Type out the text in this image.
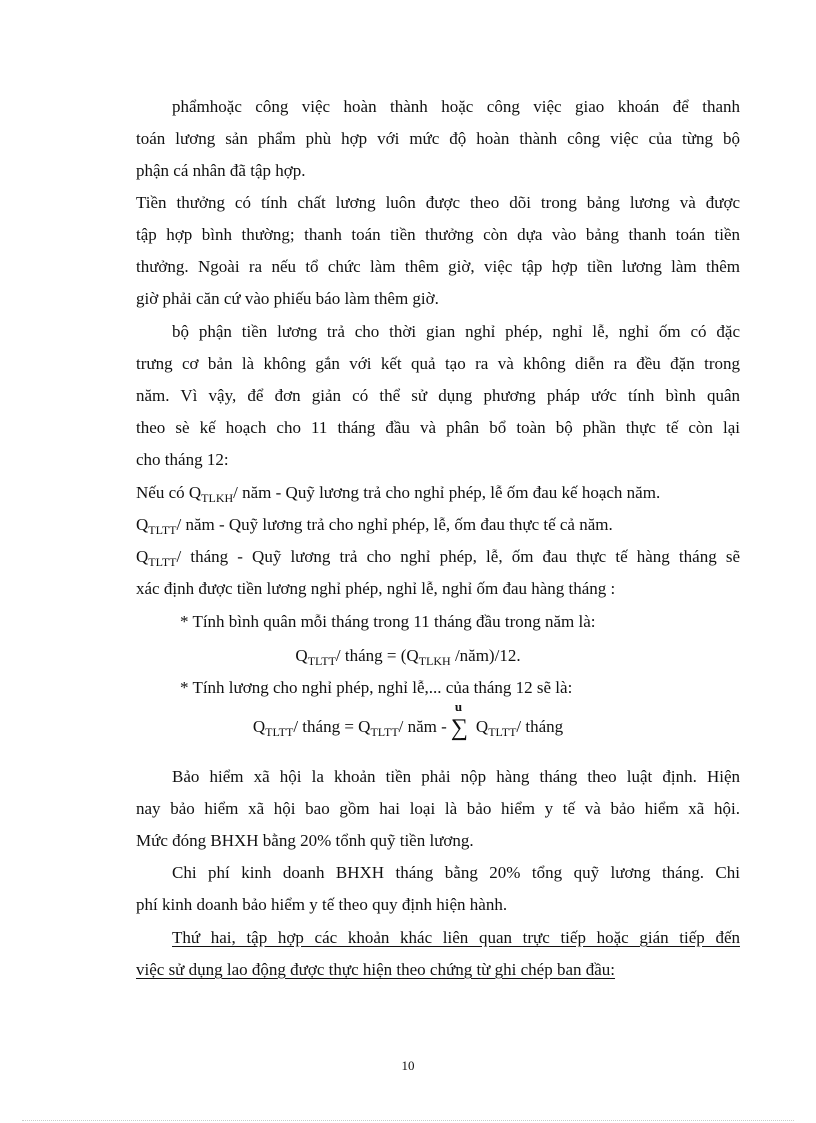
phẩmhoặc công việc hoàn thành hoặc công việc giao khoán để thanh
toán lương sản phẩm phù hợp với mức độ hoàn thành công việc của từng bộ
phận cá nhân đã tập hợp.
Tiền thưởng có tính chất lương luôn được theo dõi trong bảng lương và được
tập hợp bình thường; thanh toán tiền thưởng còn dựa vào bảng thanh toán tiền
thưởng. Ngoài ra nếu tổ chức làm thêm giờ, việc tập hợp tiền lương làm thêm
giờ phải căn cứ vào phiếu báo làm thêm giờ.
bộ phận tiền lương trả cho thời gian nghỉ phép, nghỉ lễ, nghỉ ốm có đặc
trưng cơ bản là không gắn với kết quả tạo ra và không diễn ra đều đặn trong
năm. Vì vậy, để đơn giản có thể sử dụng phương pháp ước tính bình quân
theo sè kế hoạch cho 11 tháng đầu và phân bổ toàn bộ phần thực tế còn lại
cho tháng 12:
Nếu có $Q_{TLKH}/$ năm - Quỹ lương trả cho nghỉ phép, lễ ốm đau kế hoạch năm.
$Q_{TLTT}/$ năm - Quỹ lương trả cho nghỉ phép, lễ, ốm đau thực tế cả năm.
$Q_{TLTT}/$ tháng - Quỹ lương trả cho nghỉ phép, lễ, ốm đau thực tế hàng tháng sẽ
xác định được tiền lương nghỉ phép, nghỉ lễ, nghỉ ốm đau hàng tháng :
* Tính bình quân mỗi tháng trong 11 tháng đầu trong năm là:
$Q_{TLTT}/$ tháng = ($Q_{TLKH}$ /năm)/12.
* Tính lương cho nghỉ phép, nghỉ lễ,... của tháng 12 sẽ là:
$Q_{TLTT}/$ tháng = $Q_{TLTT}/$ năm -
u
∑ $Q_{TLTT}/$ tháng
Bảo hiểm xã hội la khoản tiền phải nộp hàng tháng theo luật định. Hiện
nay bảo hiểm xã hội bao gồm hai loại là bảo hiểm y tế và bảo hiểm xã hội.
Mức đóng BHXH bằng 20% tổnh quỹ tiền lương.
Chi phí kinh doanh BHXH tháng bằng 20% tổng quỹ lương tháng. Chi
phí kinh doanh bảo hiểm y tế theo quy định hiện hành.
Thứ hai, tập hợp các khoản khác liên quan trực tiếp hoặc gián tiếp đến
việc sử dụng lao động được thực hiện theo chứng từ ghi chép ban đầu:
10
